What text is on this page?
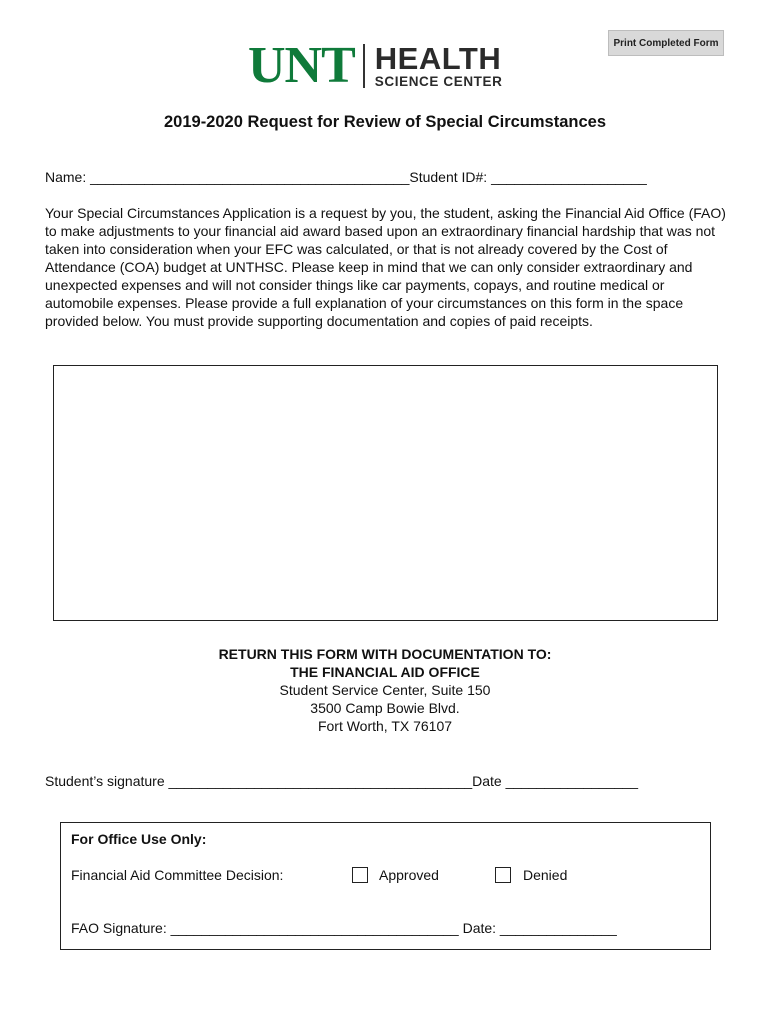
Print Completed Form
UNT HEALTH
SCIENCE CENTER
2019-2020 Request for Review of Special Circumstances
Name: _________________________________________Student ID#: ____________________
Your Special Circumstances Application is a request by you, the student, asking the Financial Aid Office (FAO) to make adjustments to your financial aid award based upon an extraordinary financial hardship that was not taken into consideration when your EFC was calculated, or that is not already covered by the Cost of Attendance (COA) budget at UNTHSC. Please keep in mind that we can only consider extraordinary and unexpected expenses and will not consider things like car payments, copays, and routine medical or automobile expenses. Please provide a full explanation of your circumstances on this form in the space provided below. You must provide supporting documentation and copies of paid receipts.
RETURN THIS FORM WITH DOCUMENTATION TO:
THE FINANCIAL AID OFFICE
Student Service Center, Suite 150
3500 Camp Bowie Blvd.
Fort Worth, TX 76107
Student’s signature _______________________________________Date _________________
For Office Use Only:
Financial Aid Committee Decision:	Approved	Denied
FAO Signature: _____________________________________ Date: _______________
